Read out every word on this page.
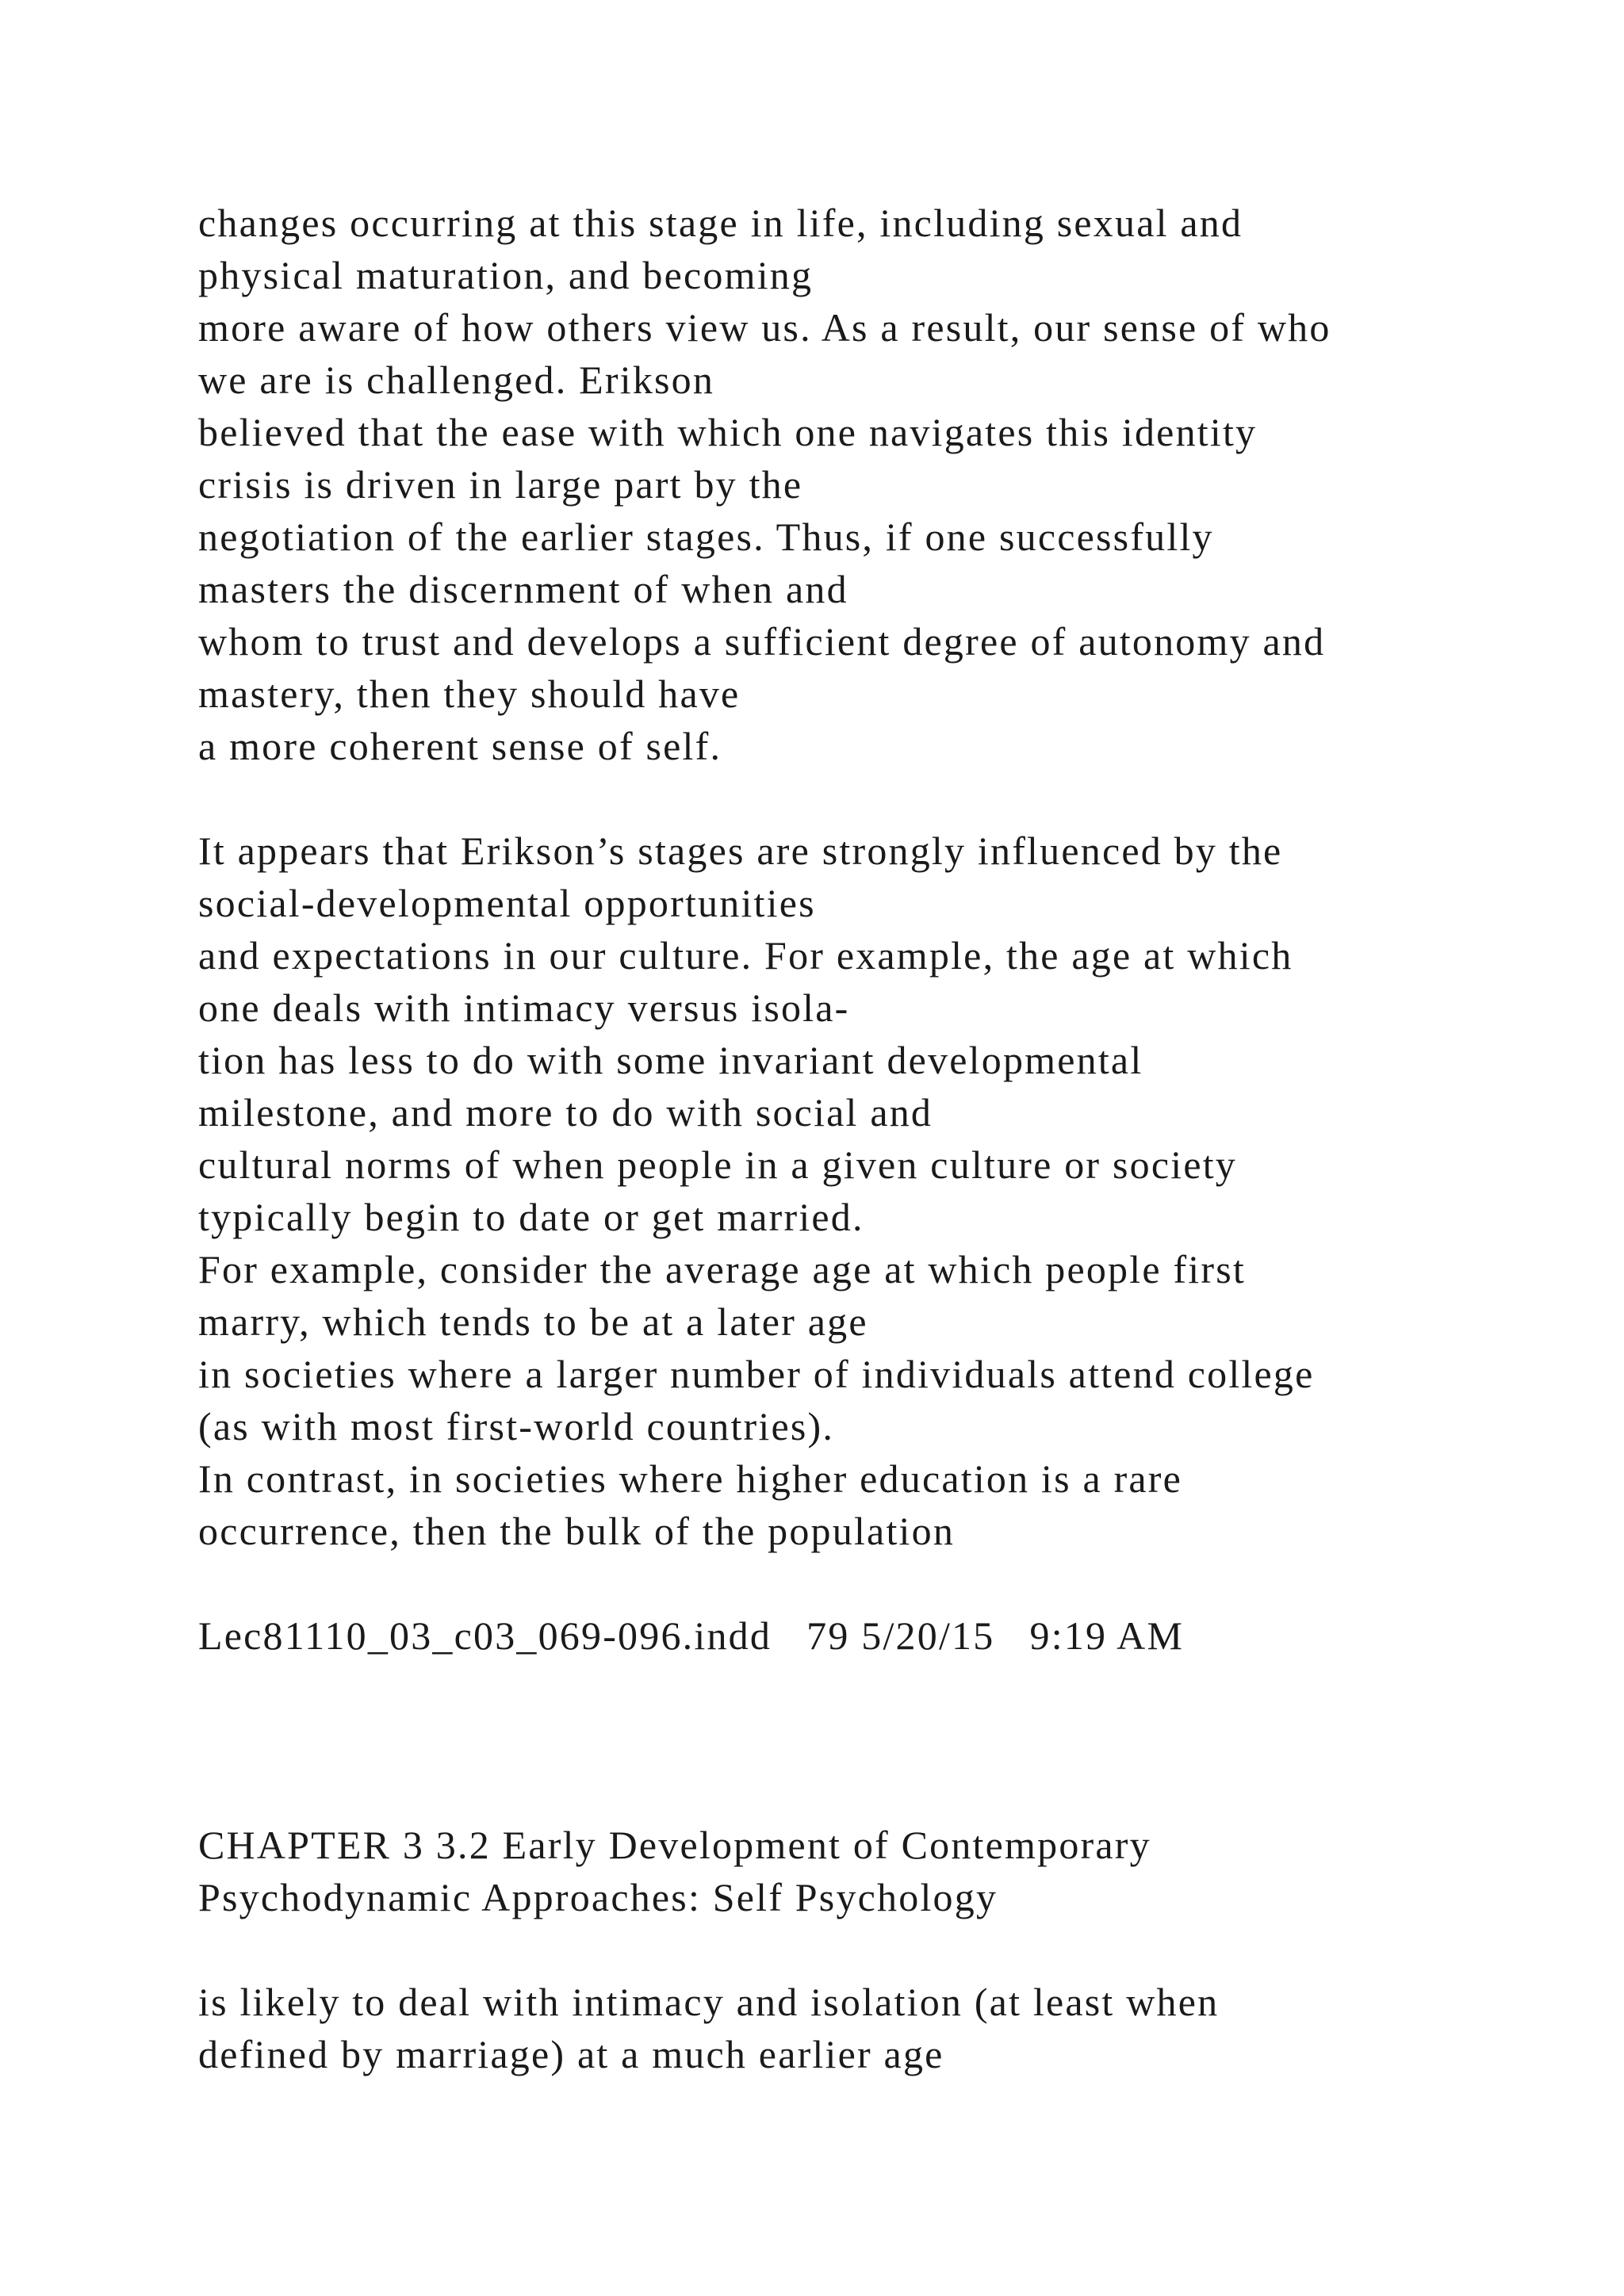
changes occurring at this stage in life, including sexual and

physical maturation, and becoming

more aware of how others view us. As a result, our sense of who

we are is challenged. Erikson

believed that the ease with which one navigates this identity

crisis is driven in large part by the

negotiation of the earlier stages. Thus, if one successfully

masters the discernment of when and

whom to trust and develops a sufficient degree of autonomy and

mastery, then they should have

a more coherent sense of self.

It appears that Erikson’s stages are strongly influenced by the

social-developmental opportunities

and expectations in our culture. For example, the age at which

one deals with intimacy versus isola-

tion has less to do with some invariant developmental

milestone, and more to do with social and

cultural norms of when people in a given culture or society

typically begin to date or get married.

For example, consider the average age at which people first

marry, which tends to be at a later age

in societies where a larger number of individuals attend college

(as with most first-world countries).

In contrast, in societies where higher education is a rare

occurrence, then the bulk of the population

Lec81110_03_c03_069-096.indd   79 5/20/15   9:19 AM

CHAPTER 3 3.2 Early Development of Contemporary

Psychodynamic Approaches: Self Psychology

is likely to deal with intimacy and isolation (at least when

defined by marriage) at a much earlier age
